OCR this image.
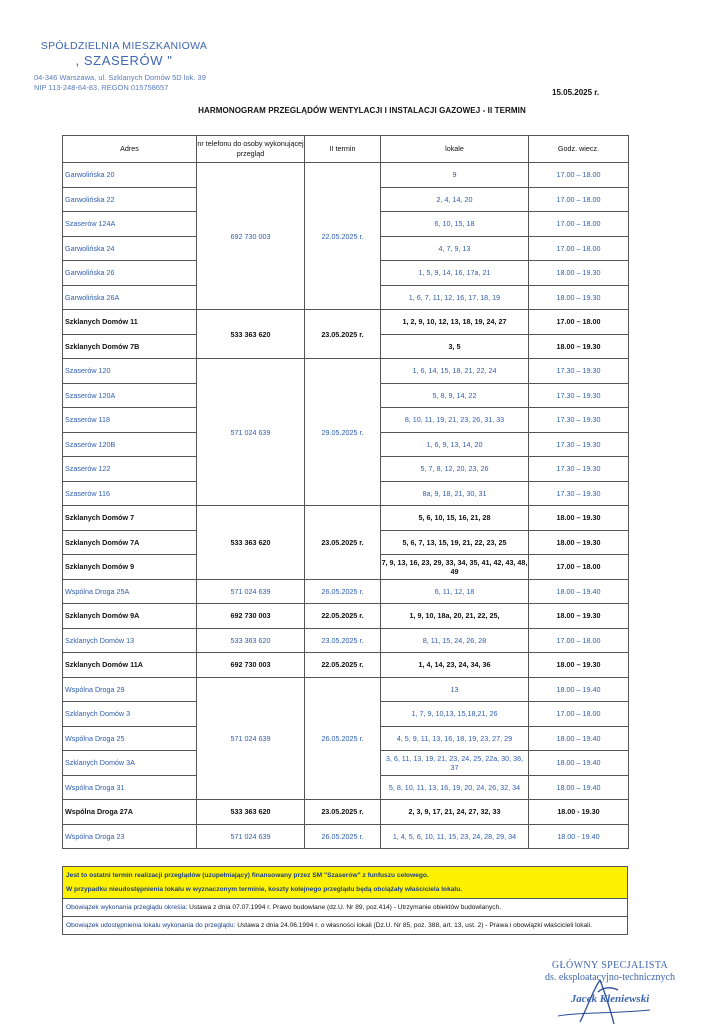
SPÓŁDZIELNIA MIESZKANIOWA
, SZASERÓW "
04-346 Warszawa, ul. Szklanych Domów 5D lok. 39
NIP 113-248-64-83, REGON 015758657
15.05.2025 r.
HARMONOGRAM PRZEGLĄDÓW WENTYLACJI I INSTALACJI GAZOWEJ - II TERMIN
Adres	nr telefonu do osoby wykonującej przegląd	II termin	lokale	Godz. wiecz.
Garwolińska 20	692 730 003	22.05.2025 r.	9	17.00 – 18.00
Garwolińska 22			2, 4, 14, 20	17.00 – 18.00
Szaserów 124A			6, 10, 15, 18	17.00 – 18.00
Garwolińska 24			4, 7, 9, 13	17.00 – 18.00
Garwolińska 26			1, 5, 9, 14, 16, 17a, 21	18.00 – 19.30
Garwolińska 26A			1, 6, 7, 11, 12, 16, 17, 18, 19	18.00 – 19.30
Szklanych Domów 11	533 363 620	23.05.2025 r.	1, 2, 9, 10, 12, 13, 18, 19, 24, 27	17.00 – 18.00
Szklanych Domów 7B			3, 5	18.00 – 19.30
Szaserów 120	571 024 639	29.05.2025 r.	1, 6, 14, 15, 18, 21, 22, 24	17.30 – 19.30
Szaserów 120A			5, 8, 9, 14, 22	17.30 – 19.30
Szaserów 118			8, 10, 11, 19, 21, 23, 26, 31, 33	17.30 – 19.30
Szaserów 120B			1, 6, 9, 13, 14, 20	17.30 – 19.30
Szaserów 122			5, 7, 8, 12, 20, 23, 26	17.30 – 19.30
Szaserów 116			8a, 9, 18, 21, 30, 31	17.30 – 19.30
Szklanych Domów 7	533 363 620	23.05.2025 r.	5, 6, 10, 15, 16, 21, 28	18.00 – 19.30
Szklanych Domów 7A			5, 6, 7, 13, 15, 19, 21, 22, 23, 25	18.00 – 19.30
Szklanych Domów 9			7, 9, 13, 16, 23, 29, 33, 34, 35, 41, 42, 43, 48, 49	17.00 – 18.00
Wspólna Droga 25A	571 024 639	26.05.2025 r.	6, 11, 12, 18	18.00 – 19.40
Szklanych Domów 9A	692 730 003	22.05.2025 r.	1, 9, 10, 18a, 20, 21, 22, 25,	18.00 – 19.30
Szklanych Domów 13	533 363 620	23.05.2025 r.	8, 11, 15, 24, 26, 28	17.00 – 18.00
Szklanych Domów 11A	692 730 003	22.05.2025 r.	1, 4, 14, 23, 24, 34, 36	18.00 – 19.30
Wspólna Droga 29	571 024 639	26.05.2025 r.	13	18.00 – 19.40
Szklanych Domów 3			1, 7, 9, 10,13, 15,18,21, 26	17.00 – 18.00
Wspólna Droga 25			4, 5, 9, 11, 13, 16, 18, 19, 23, 27, 29	18.00 – 19.40
Szklanych Domów 3A			3, 6, 11, 13, 19, 21, 23, 24, 25, 22a, 30, 36, 37	18.00 – 19.40
Wspólna Droga 31			5, 8, 10, 11, 13, 16, 19, 20, 24, 26, 32, 34	18.00 – 19.40
Wspólna Droga 27A	533 363 620	23.05.2025 r.	2, 3, 9, 17, 21, 24, 27, 32, 33	18.00 - 19.30
Wspólna Droga 23	571 024 639	26.05.2025 r.	1, 4, 5, 6, 10, 11, 15, 23, 24, 28, 29, 34	18.00 - 19.40

Jest to ostatni termin realizacji przeglądów (uzupełniający) finansowany przez SM "Szaserów" z funfuszu celowego.

W przypadku nieudostępnienia lokalu w wyznaczonym terminie, koszty kolejnego przeglądu będą obciążały właściciela lokalu.

Obowiązek wykonania przeglądu określa: Ustawa z dnia 07.07.1994 r. Prawo budowlane (dz.U. Nr 89, poz.414) - Utrzymanie obiektów budowlanych.
Obowiązek udostępnienia lokalu wykonania do przeglądu: Ustawa z dnia 24.06.1994 r. o własności lokali (Dz.U. Nr 85, poz. 388, art. 13, ust. 2) - Prawa i obowiązki właścicieli lokali.
GŁÓWNY SPECJALISTA
ds. eksploatacyjno-technicznych
Jacek Kleniewski
